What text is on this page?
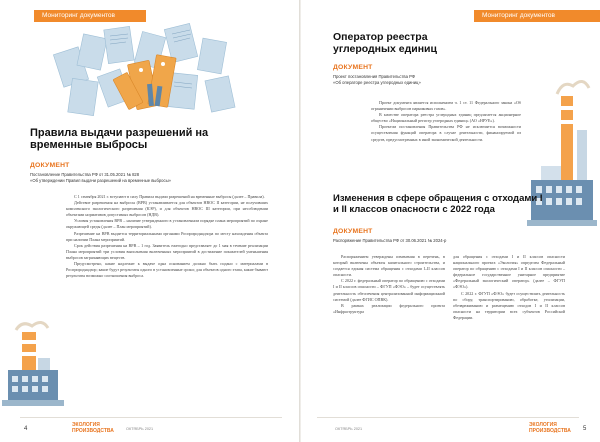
Мониторинг документов
Правила выдачи разрешений на временные выбросы
ДОКУМЕНТ
Постановление Правительства РФ от 31.05.2021 № 828
«Об утверждении Правил выдачи разрешений на временные выбросы»

С 1 сентября 2021 г. вступают в силу Правила выдачи разрешений на временные выбросы (далее – Правила).

Действие разрешения на выбросы (ВРВ) устанавливается для объектов НВОС II категории, не получивших комплексного экологического разрешения (КЭР), и для объектов НВОС III категории, при несоблюдении объектами нормативов допустимых выбросов (НДВ).

Условия установления ВРВ – наличие утвержденного в установленном порядке плана мероприятий по охране окружающей среды (далее – План мероприятий).

Разрешение на ВРВ выдается территориальными органами Росприроднадзора по месту нахождения объекта при наличии Плана мероприятий.

Срок действия разрешения на ВРВ – 1 год. Заявитель ежегодно представляет до 1 мая в течение реализации Плана мероприятий три условия выполнения включенных мероприятий в достижение показателей уменьшения выбросов загрязняющих веществ.

Предусмотрено, какие надлежит к выдаче одна основанием должно быть подано с материалами в Росприроднадзор; какие будут результаты одного в установленные сроки; для объектов одного этапа, какие бывают результаты возможно соотношения выброса.

4
ЭКОЛОГИЯ
ПРОИЗВОДСТВА	ОКТЯБРЬ 2021
Мониторинг документов
Оператор реестра углеродных единиц
ДОКУМЕНТ
Проект постановления Правительства РФ
«Об операторе реестра углеродных единиц»

Проект документа является исполнением ч. 1 ст. 11 Федерального закона «Об ограничении выбросов парниковых газов».

В качестве оператора реестра углеродных единиц предлагается акционерное общество «Национальный регистр углеродных единиц» (АО «НРУЕ»).

Проектом постановления Правительства РФ не исключается возможности осуществления функций оператора в случае деятельности, финансируемой из средств, предусмотренных в иной экономической деятельности.

Изменения в сфере обращения с отходами I и II классов опасности с 2022 года
ДОКУМЕНТ
Распоряжение Правительства РФ от 30.06.2021 № 2024-р

Распоряжением утверждены изменения в перечень, в который включены объекты капитального строительства, и создается единая система обращения с отходами I–II классов опасности.

С 2022 г. федеральный оператор по обращению с отходами I и II классов опасности – ФГУП «ФЭО» – будет осуществлять деятельность обеспечения централизованной информационной системой (далее ФГИС ОПВК).

В рамках реализации федерального проекта «Инфраструктура

для обращения с отходами I и II классов опасности национального проекта «Экология» определен Федеральный оператор по обращению с отходами I и II классов опасности – федеральное государственное унитарное предприятие «Федеральный экологический оператор» (далее – ФГУП «ФЭО»).

С 2022 г. ФГУП «ФЭО» будет осуществлять деятельность по сбору, транспортированию, обработке, утилизации, обезвреживанию и размещению отходов I и II классов опасности на территории всех субъектов Российской Федерации.

ОКТЯБРЬ 2021
ЭКОЛОГИЯ
ПРОИЗВОДСТВА 5
